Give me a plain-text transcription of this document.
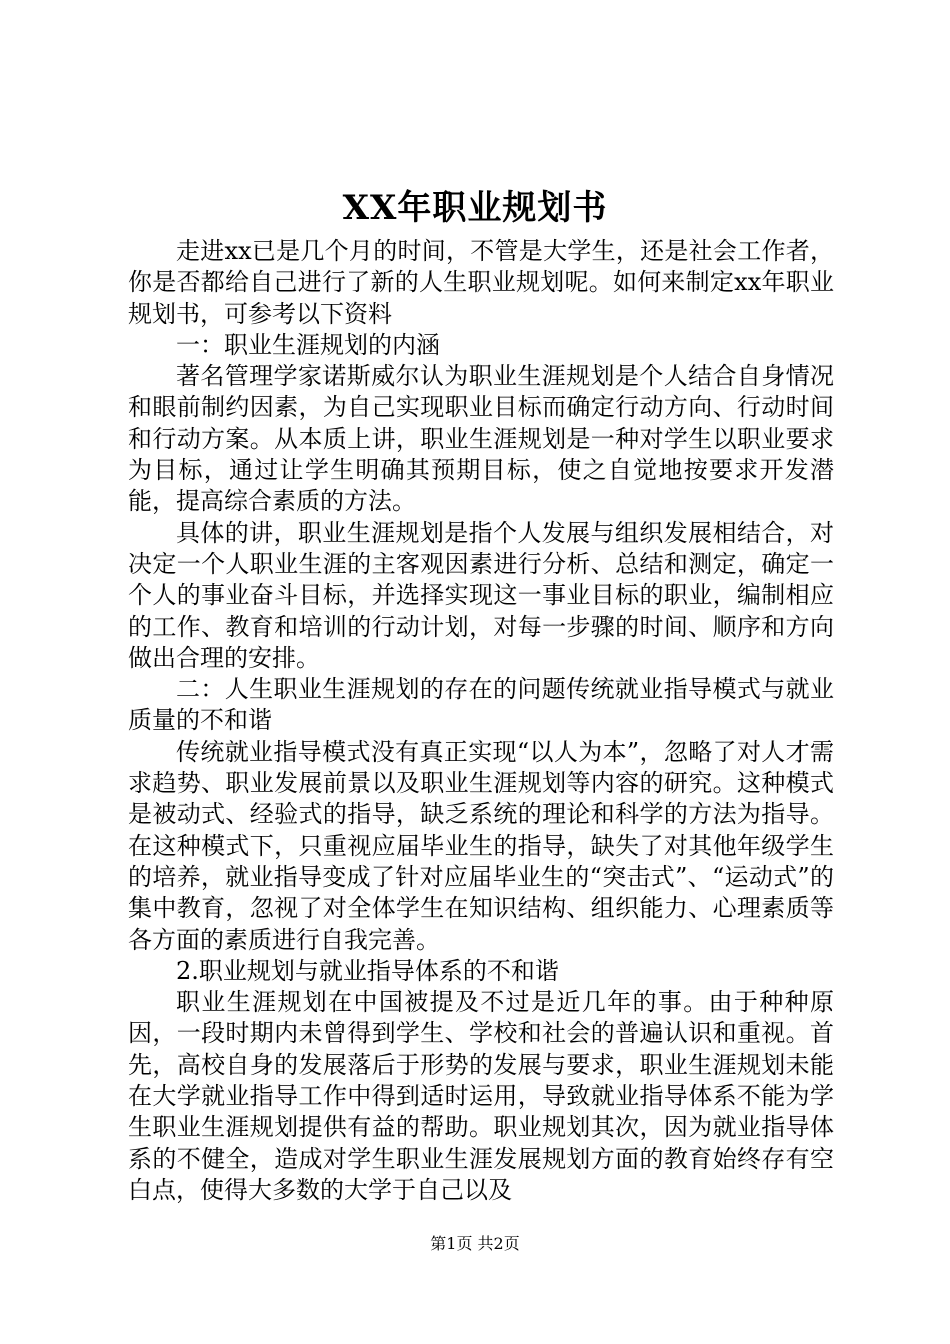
XX年职业规划书

走进xx已是几个月的时间，不管是大学生，还是社会工作者，你是否都给自己进行了新的人生职业规划呢。如何来制定xx年职业规划书，可参考以下资料

一：职业生涯规划的内涵

著名管理学家诺斯威尔认为职业生涯规划是个人结合自身情况和眼前制约因素，为自己实现职业目标而确定行动方向、行动时间和行动方案。从本质上讲，职业生涯规划是一种对学生以职业要求为目标，通过让学生明确其预期目标，使之自觉地按要求开发潜能，提高综合素质的方法。

具体的讲，职业生涯规划是指个人发展与组织发展相结合，对决定一个人职业生涯的主客观因素进行分析、总结和测定，确定一个人的事业奋斗目标，并选择实现这一事业目标的职业，编制相应的工作、教育和培训的行动计划，对每一步骤的时间、顺序和方向做出合理的安排。

二：人生职业生涯规划的存在的问题传统就业指导模式与就业质量的不和谐

传统就业指导模式没有真正实现“以人为本”，忽略了对人才需求趋势、职业发展前景以及职业生涯规划等内容的研究。这种模式是被动式、经验式的指导，缺乏系统的理论和科学的方法为指导。在这种模式下，只重视应届毕业生的指导，缺失了对其他年级学生的培养，就业指导变成了针对应届毕业生的“突击式”、“运动式”的集中教育，忽视了对全体学生在知识结构、组织能力、心理素质等各方面的素质进行自我完善。

2.职业规划与就业指导体系的不和谐

职业生涯规划在中国被提及不过是近几年的事。由于种种原因，一段时期内未曾得到学生、学校和社会的普遍认识和重视。首先，高校自身的发展落后于形势的发展与要求，职业生涯规划未能在大学就业指导工作中得到适时运用，导致就业指导体系不能为学生职业生涯规划提供有益的帮助。职业规划其次，因为就业指导体系的不健全，造成对学生职业生涯发展规划方面的教育始终存有空白点，使得大多数的大学于自己以及

第1页 共2页
